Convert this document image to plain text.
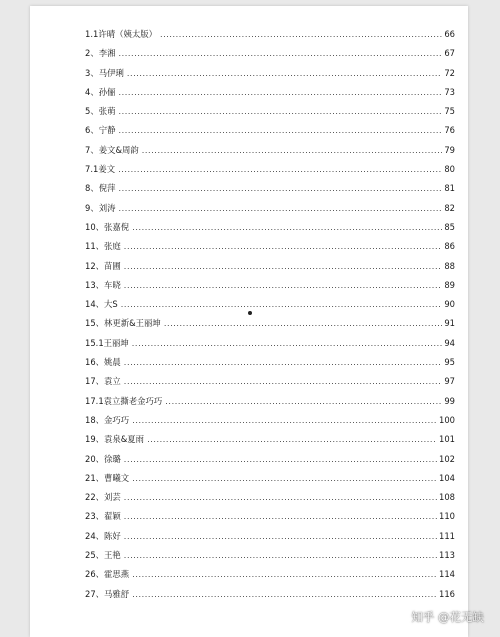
1.1许晴（姨太版） .....	66
2、李湘 .....	67
3、马伊琍 .....	72
4、孙俪 .....	73
5、张萌 .....	75
6、宁静 .....	76
7、姜文&周韵 .....	79
7.1姜文 .....	80
8、倪萍 .....	81
9、刘涛 .....	82
10、张嘉倪 .....	85
11、张庭 .....	86
12、苗圃 .....	88
13、车晓 .....	89
14、大S .....	90
15、林更新&王丽坤 .....	91
15.1王丽坤 .....	94
16、姚晨 .....	95
17、袁立 .....	97
17.1袁立撕老金巧巧 .....	99
18、金巧巧 .....	100
19、袁泉&夏雨 .....	101
20、徐璐 .....	102
21、曹曦文 .....	104
22、刘芸 .....	108
23、翟颖 .....	110
24、陈好 .....	111
25、王艳 .....	113
26、霍思燕 .....	114
27、马雅舒 .....	116
知乎 @花无缺
